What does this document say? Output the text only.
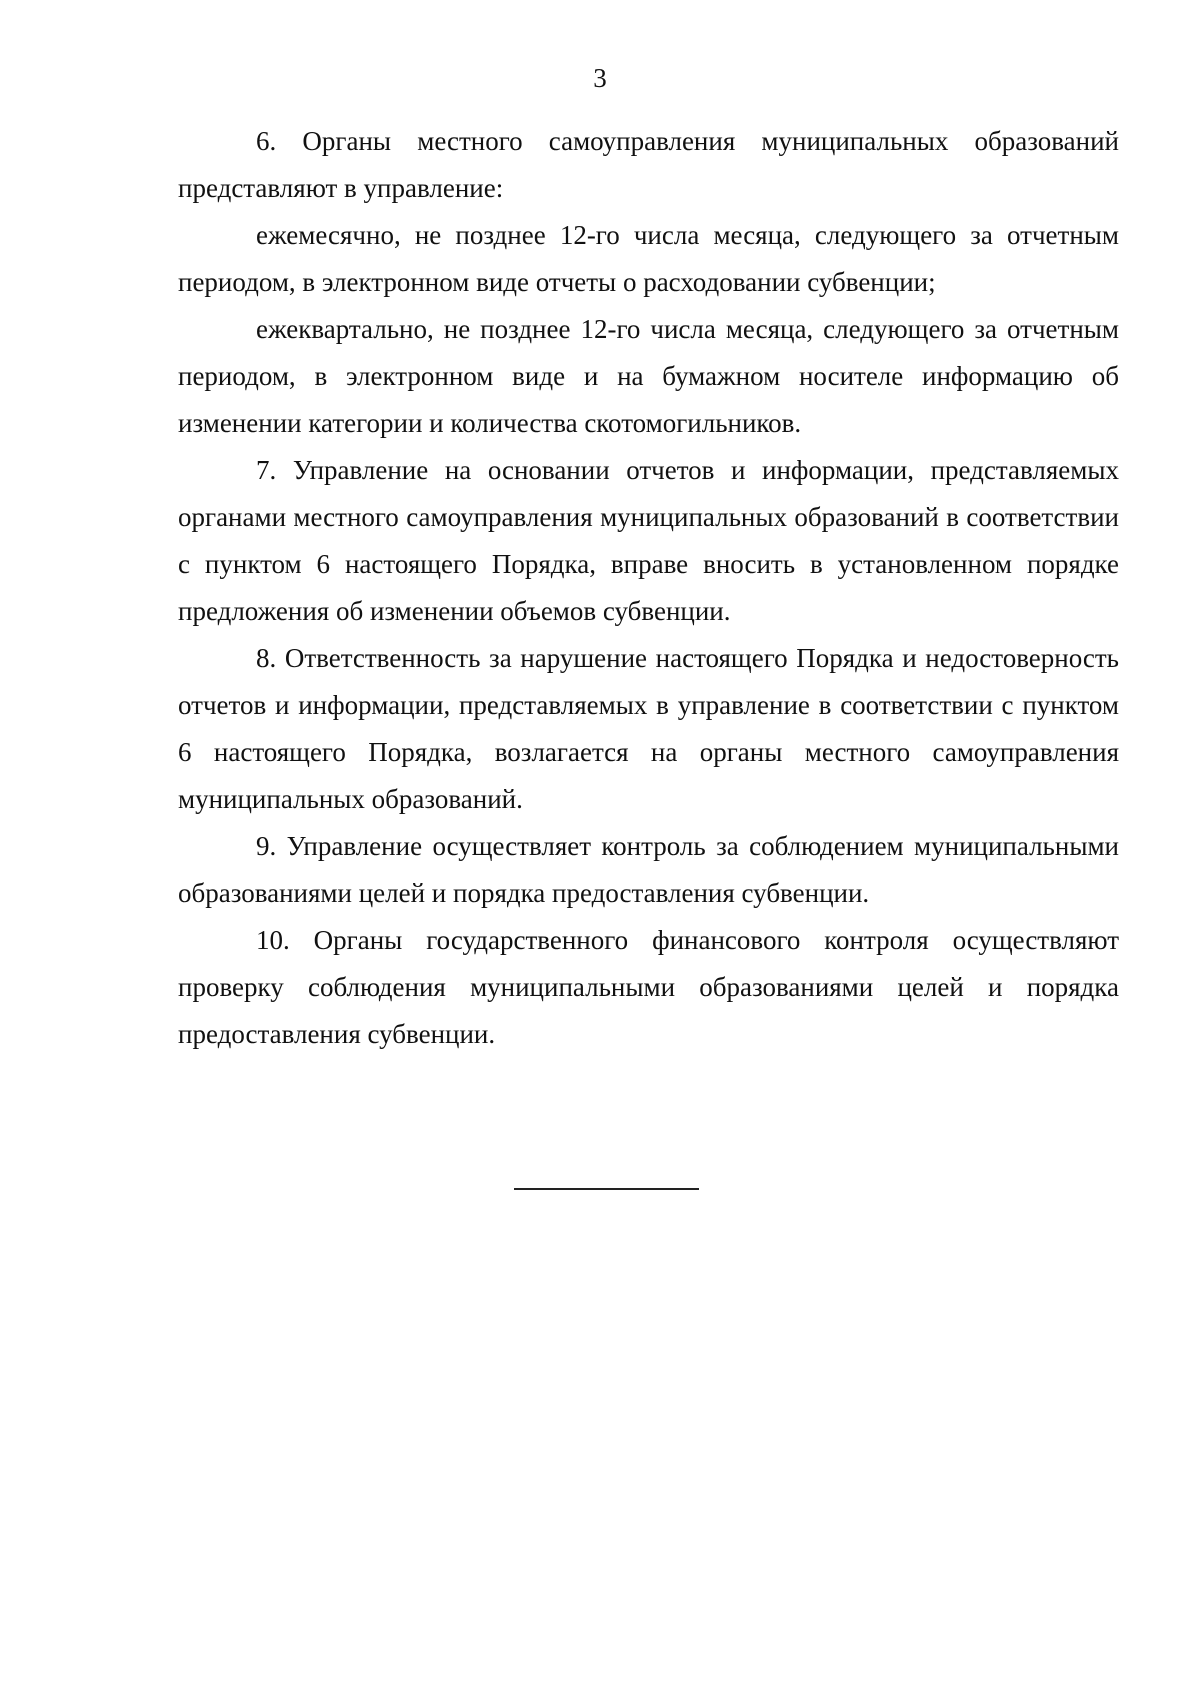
3

6. Органы местного самоуправления муниципальных образований представляют в управление:

ежемесячно, не позднее 12-го числа месяца, следующего за отчетным периодом, в электронном виде отчеты о расходовании субвенции;

ежеквартально, не позднее 12-го числа месяца, следующего за отчетным периодом, в электронном виде и на бумажном носителе информацию об изменении категории и количества скотомогильников.

7. Управление на основании отчетов и информации, представляемых органами местного самоуправления муниципальных образований в соответствии с пунктом 6 настоящего Порядка, вправе вносить в установленном порядке предложения об изменении объемов субвенции.

8. Ответственность за нарушение настоящего Порядка и недостоверность отчетов и информации, представляемых в управление в соответствии с пунктом 6 настоящего Порядка, возлагается на органы местного самоуправления муниципальных образований.

9. Управление осуществляет контроль за соблюдением муниципальными образованиями целей и порядка предоставления субвенции.

10. Органы государственного финансового контроля осуществляют проверку соблюдения муниципальными образованиями целей и порядка предоставления субвенции.
